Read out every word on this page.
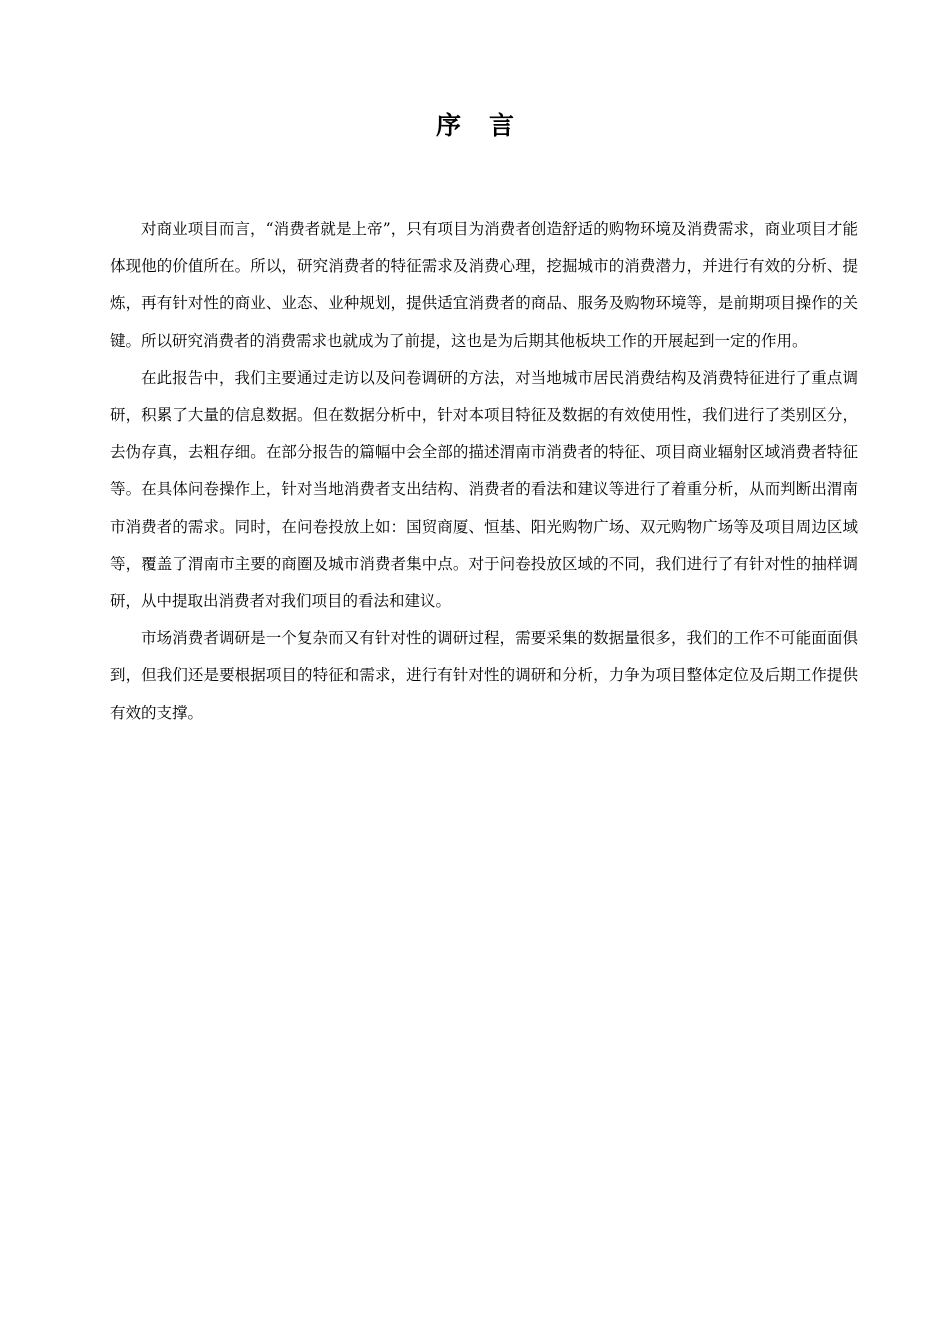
序 言

对商业项目而言，“消费者就是上帝”，只有项目为消费者创造舒适的购物环境及消费需求，商业项目才能体现他的价值所在。所以，研究消费者的特征需求及消费心理，挖掘城市的消费潜力，并进行有效的分析、提炼，再有针对性的商业、业态、业种规划，提供适宜消费者的商品、服务及购物环境等，是前期项目操作的关键。所以研究消费者的消费需求也就成为了前提，这也是为后期其他板块工作的开展起到一定的作用。

在此报告中，我们主要通过走访以及问卷调研的方法，对当地城市居民消费结构及消费特征进行了重点调研，积累了大量的信息数据。但在数据分析中，针对本项目特征及数据的有效使用性，我们进行了类别区分，去伪存真，去粗存细。在部分报告的篇幅中会全部的描述渭南市消费者的特征、项目商业辐射区域消费者特征等。在具体问卷操作上，针对当地消费者支出结构、消费者的看法和建议等进行了着重分析，从而判断出渭南市消费者的需求。同时，在问卷投放上如：国贸商厦、恒基、阳光购物广场、双元购物广场等及项目周边区域等，覆盖了渭南市主要的商圈及城市消费者集中点。对于问卷投放区域的不同，我们进行了有针对性的抽样调研，从中提取出消费者对我们项目的看法和建议。

市场消费者调研是一个复杂而又有针对性的调研过程，需要采集的数据量很多，我们的工作不可能面面俱到，但我们还是要根据项目的特征和需求，进行有针对性的调研和分析，力争为项目整体定位及后期工作提供有效的支撑。
